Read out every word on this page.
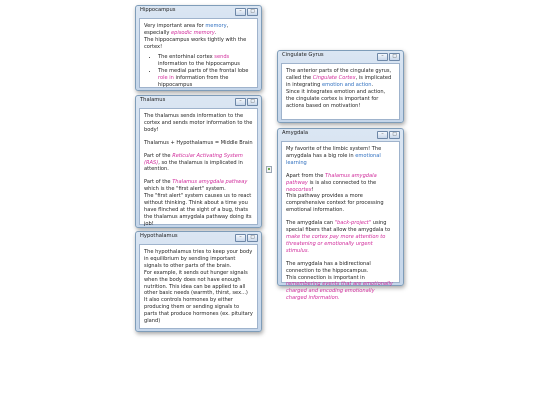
Hippocampus	–	□

Very important area for memory, especially episodic memory.

The hippocampus works tightly with the cortex!

• The entorhinal cortex sends information to the hippocampus
• The medial parts of the frontal lobe role in information from the hippocampus
Thalamus	–	□

The thalamus sends information to the cortex and sends motor information to the body!

Thalamus + Hypothalamus = Middle Brain

Part of the Reticular Activating System (RAS), so the thalamus is implicated in attention.

Part of the Thalamus amygdala pathway which is the "first alert" system.

The "first alert" system causes us to react without thinking. Think about a time you have flinched at the sight of a bug, thats the thalamus amygdala pathway doing its job!

Hypothalamus	–	□

The hypothalamus tries to keep your body in equilibrium by sending important signals to other parts of the brain.

For example, it sends out hunger signals when the body does not have enough nutrition. This idea can be applied to all other basic needs (warmth, thirst, sex...)

It also controls hormones by either producing them or sending signals to parts that produce hormones (ex. pituitary gland)

Cingulate Gyrus	–	□

The anterior parts of the cingulate gyrus, called the Cingulate Cortex, is implicated in integrating emotion and action.

Since it integrates emotion and action, the cingulate cortex is important for actions based on motivation!

Amygdala	–	□

My favorite of the limbic system! The amygdala has a big role in emotional learning

Apart from the Thalamus amygdala pathway is is also connected to the neocortex!
This pathway provides a more comprehensive context for processing emotional information.

The amygdala can "back-project" using special fibers that allow the amygdala to make the cortex pay more attention to threatening or emotionally urgent stimulus.

The amygdala has a bidirectional connection to the hippocampus.
This connection is important in remembering events that are emotionally charged and encoding emotionally charged information.
